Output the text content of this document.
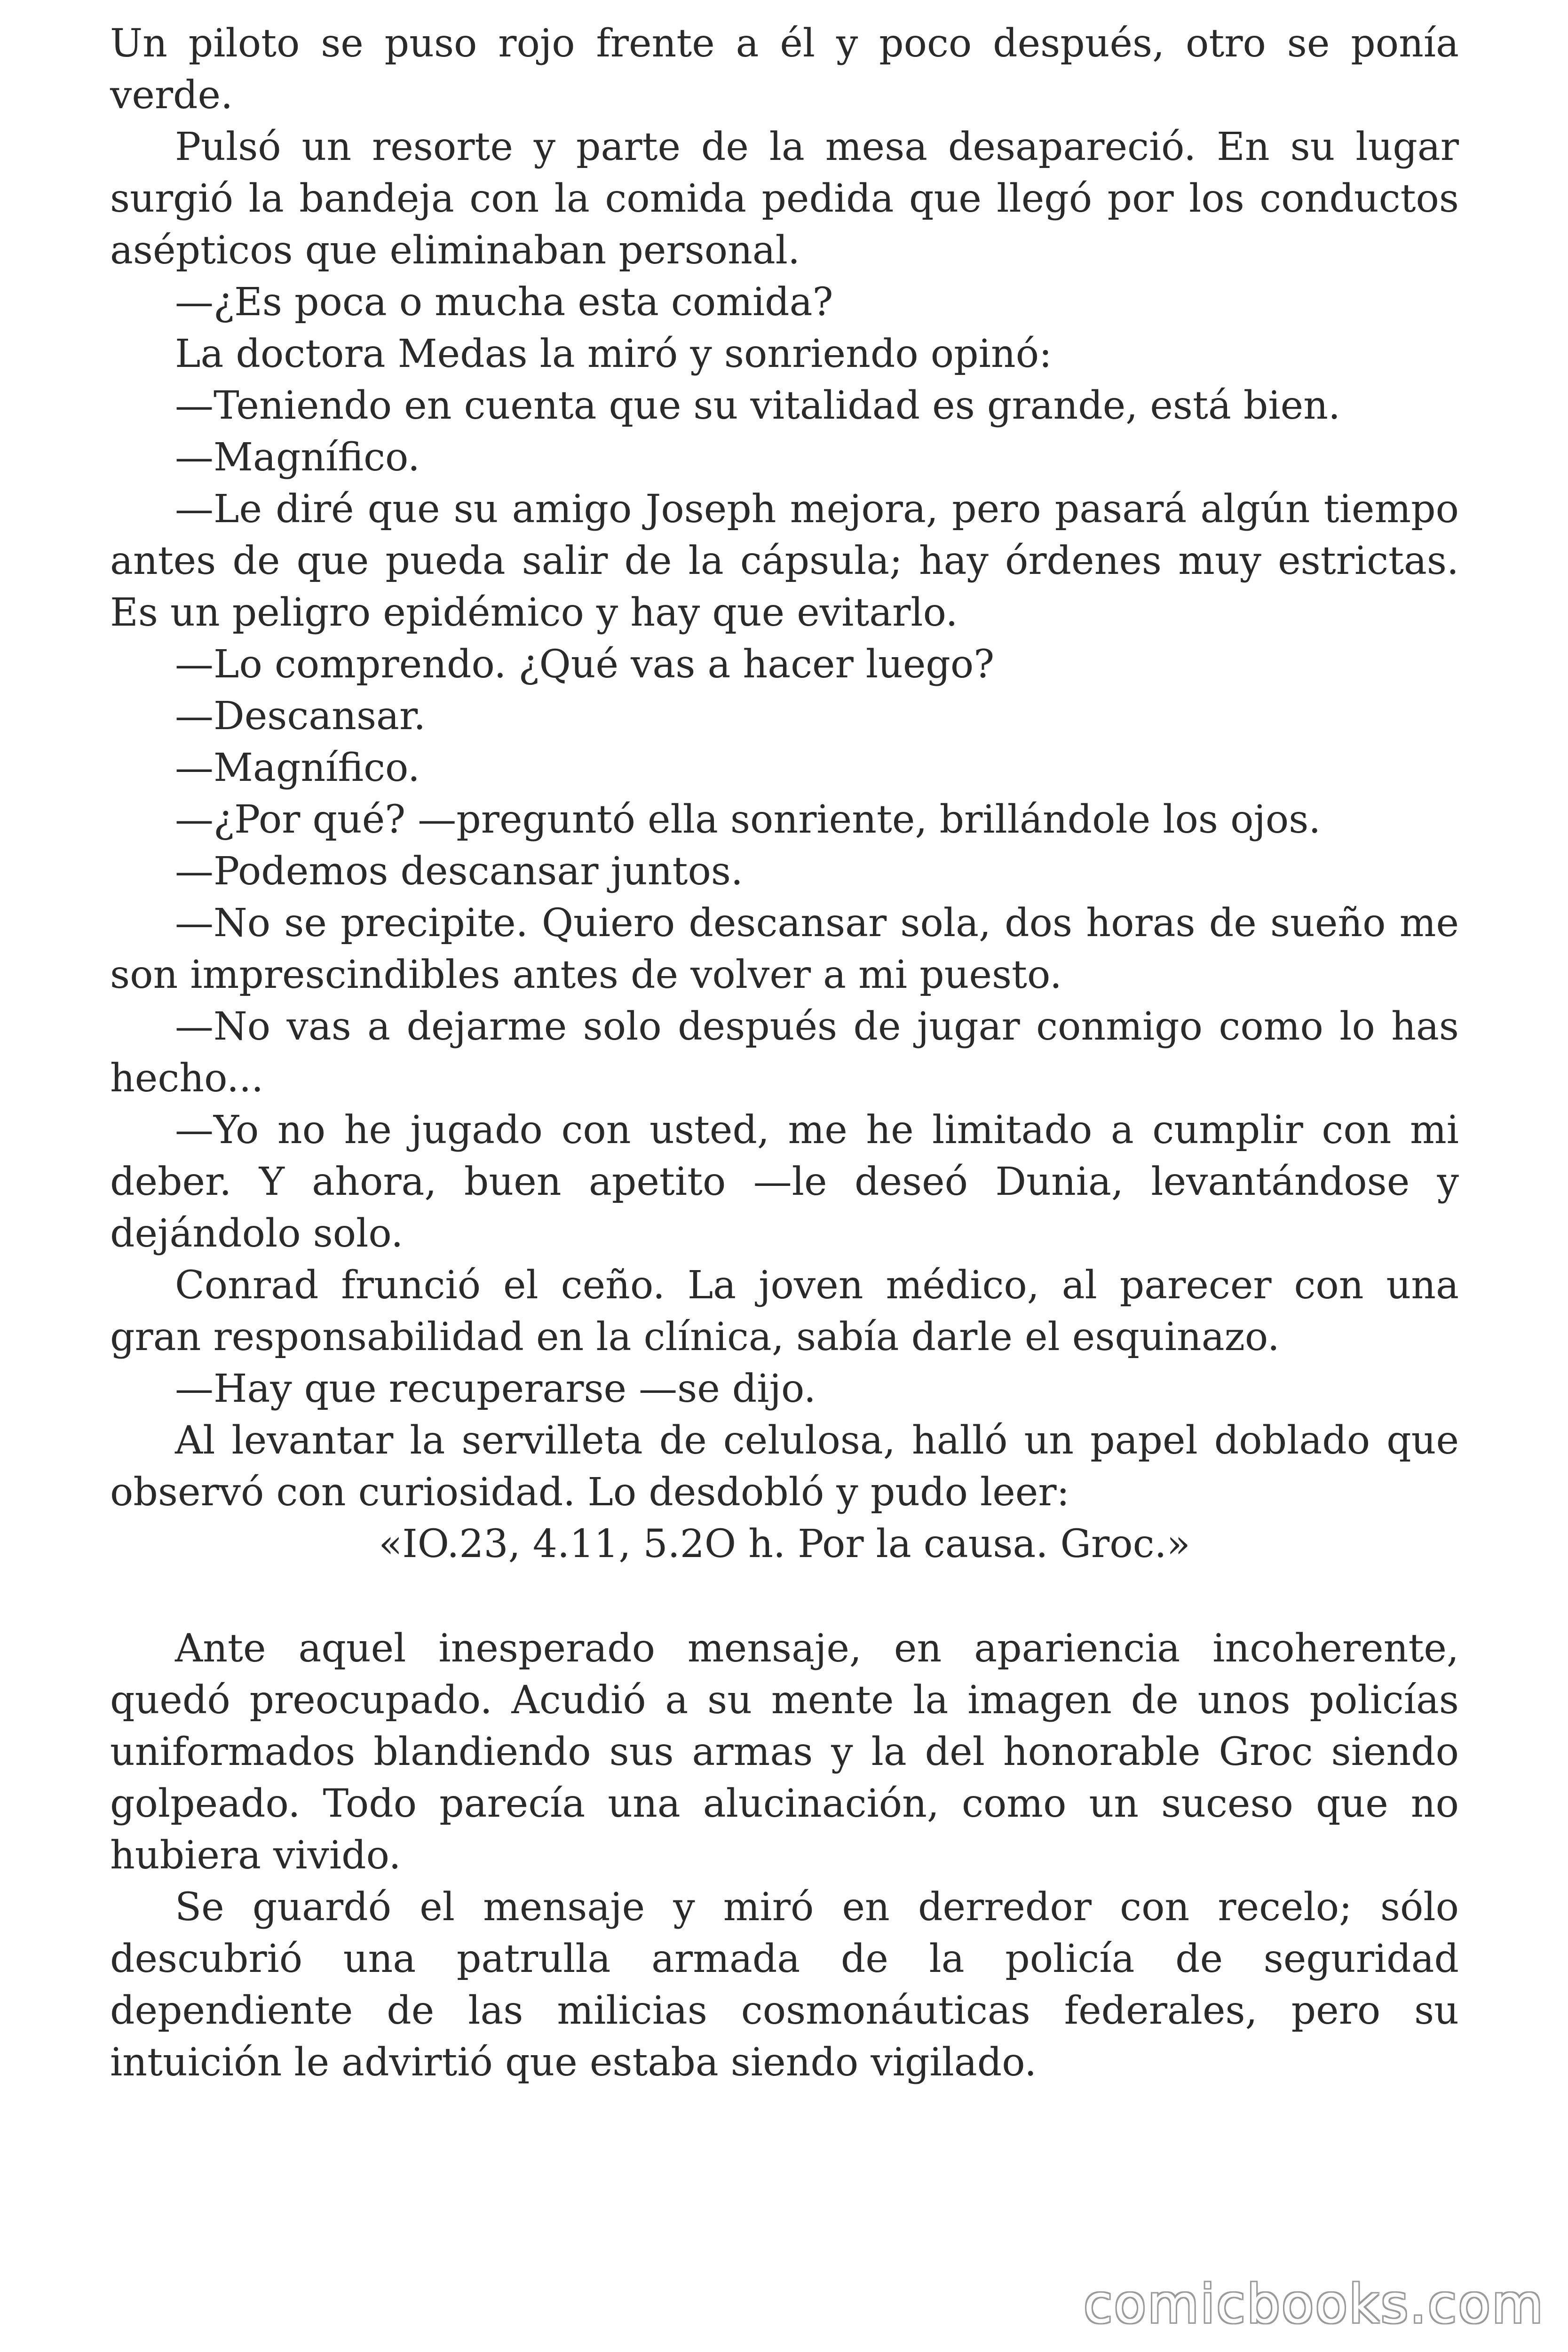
Un piloto se puso rojo frente a él y poco después, otro se ponía verde.

Pulsó un resorte y parte de la mesa desapareció. En su lugar surgió la bandeja con la comida pedida que llegó por los conductos asépticos que eliminaban personal.

—¿Es poca o mucha esta comida?

La doctora Medas la miró y sonriendo opinó:

—Teniendo en cuenta que su vitalidad es grande, está bien.

—Magnífico.

—Le diré que su amigo Joseph mejora, pero pasará algún tiempo antes de que pueda salir de la cápsula; hay órdenes muy estrictas. Es un peligro epidémico y hay que evitarlo.

—Lo comprendo. ¿Qué vas a hacer luego?

—Descansar.

—Magnífico.

—¿Por qué? —preguntó ella sonriente, brillándole los ojos.

—Podemos descansar juntos.

—No se precipite. Quiero descansar sola, dos horas de sueño me son imprescindibles antes de volver a mi puesto.

—No vas a dejarme solo después de jugar conmigo como lo has hecho...

—Yo no he jugado con usted, me he limitado a cumplir con mi deber. Y ahora, buen apetito —le deseó Dunia, levantándose y dejándolo solo.

Conrad frunció el ceño. La joven médico, al parecer con una gran responsabilidad en la clínica, sabía darle el esquinazo.

—Hay que recuperarse —se dijo.

Al levantar la servilleta de celulosa, halló un papel doblado que observó con curiosidad. Lo desdobló y pudo leer:

«IO.23, 4.11, 5.2O h. Por la causa. Groc.»

Ante aquel inesperado mensaje, en apariencia incoherente, quedó preocupado. Acudió a su mente la imagen de unos policías uniformados blandiendo sus armas y la del honorable Groc siendo golpeado. Todo parecía una alucinación, como un suceso que no hubiera vivido.

Se guardó el mensaje y miró en derredor con recelo; sólo descubrió una patrulla armada de la policía de seguridad dependiente de las milicias cosmonáuticas federales, pero su intuición le advirtió que estaba siendo vigilado.

comicbooks.com
